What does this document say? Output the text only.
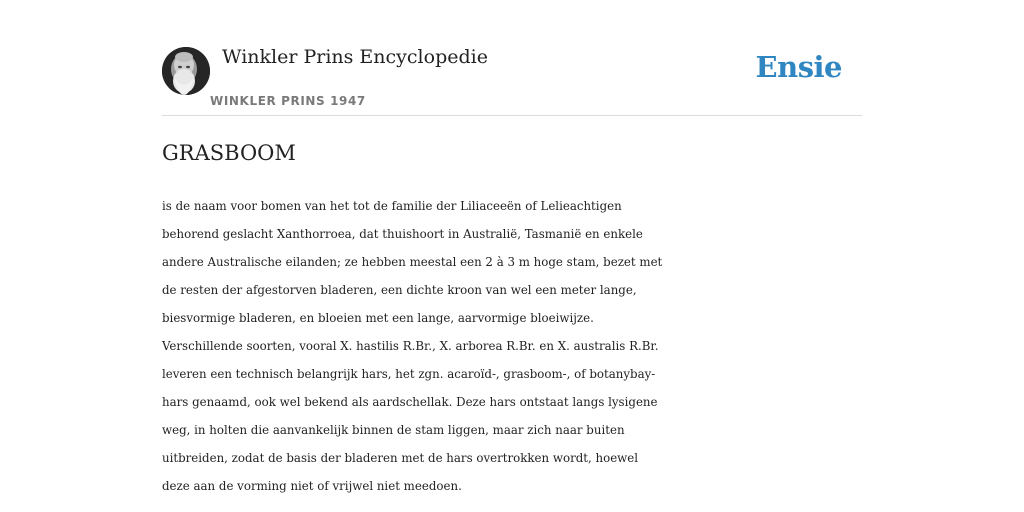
Winkler Prins Encyclopedie
WINKLER PRINS 1947
Ensie
GRASBOOM
is de naam voor bomen van het tot de familie der Liliaceeën of Lelieachtigen
behorend geslacht Xanthorroea, dat thuishoort in Australië, Tasmanië en enkele
andere Australische eilanden; ze hebben meestal een 2 à 3 m hoge stam, bezet met
de resten der afgestorven bladeren, een dichte kroon van wel een meter lange,
biesvormige bladeren, en bloeien met een lange, aarvormige bloeiwijze.
Verschillende soorten, vooral X. hastilis R.Br., X. arborea R.Br. en X. australis R.Br.
leveren een technisch belangrijk hars, het zgn. acaroïd-, grasboom-, of botanybay-
hars genaamd, ook wel bekend als aardschellak. Deze hars ontstaat langs lysigene
weg, in holten die aanvankelijk binnen de stam liggen, maar zich naar buiten
uitbreiden, zodat de basis der bladeren met de hars overtrokken wordt, hoewel
deze aan de vorming niet of vrijwel niet meedoen.
